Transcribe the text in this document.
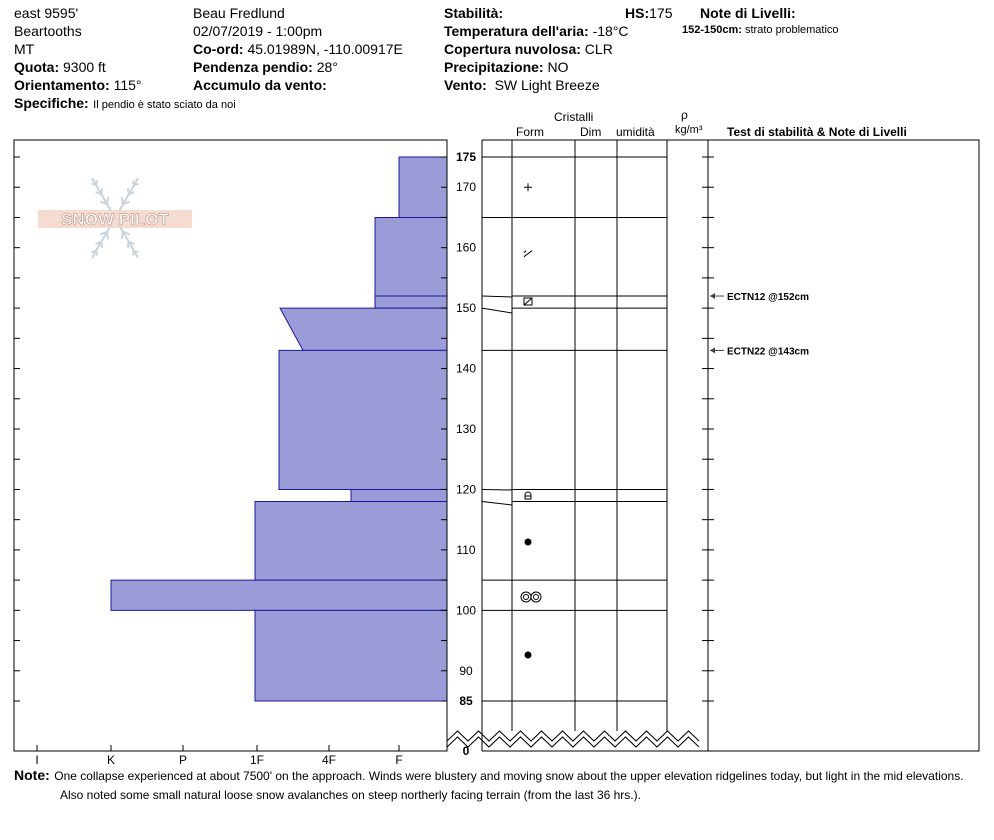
east 9595'
Beartooths
MT
Quota: 9300 ft
Orientamento: 115°
Specifiche: Il pendio è stato sciato da noi
Beau Fredlund
02/07/2019 - 1:00pm
Co-ord: 45.01989N, -110.00917E
Pendenza pendio: 28°
Accumulo da vento:
Stabilità:
Temperatura dell'aria: -18°C
Copertura nuvolosa: CLR
Precipitazione: NO
Vento: SW Light Breeze
HS:175 Note di Livelli:
152-150cm: strato problematico
Cristalli
Form	Dim umidità
ρ
kg/m³ Test di stabilità & Note di Livelli
SNOW PILOT
175
170
160
150
140
130
120
110
100
90
85
0
I	K	P	1F	4F	F
ECTN12 @152cm
ECTN22 @143cm
Note: One collapse experienced at about 7500' on the approach. Winds were blustery and moving snow about the upper elevation ridgelines today, but light in the mid elevations.
Also noted some small natural loose snow avalanches on steep northerly facing terrain (from the last 36 hrs.).
